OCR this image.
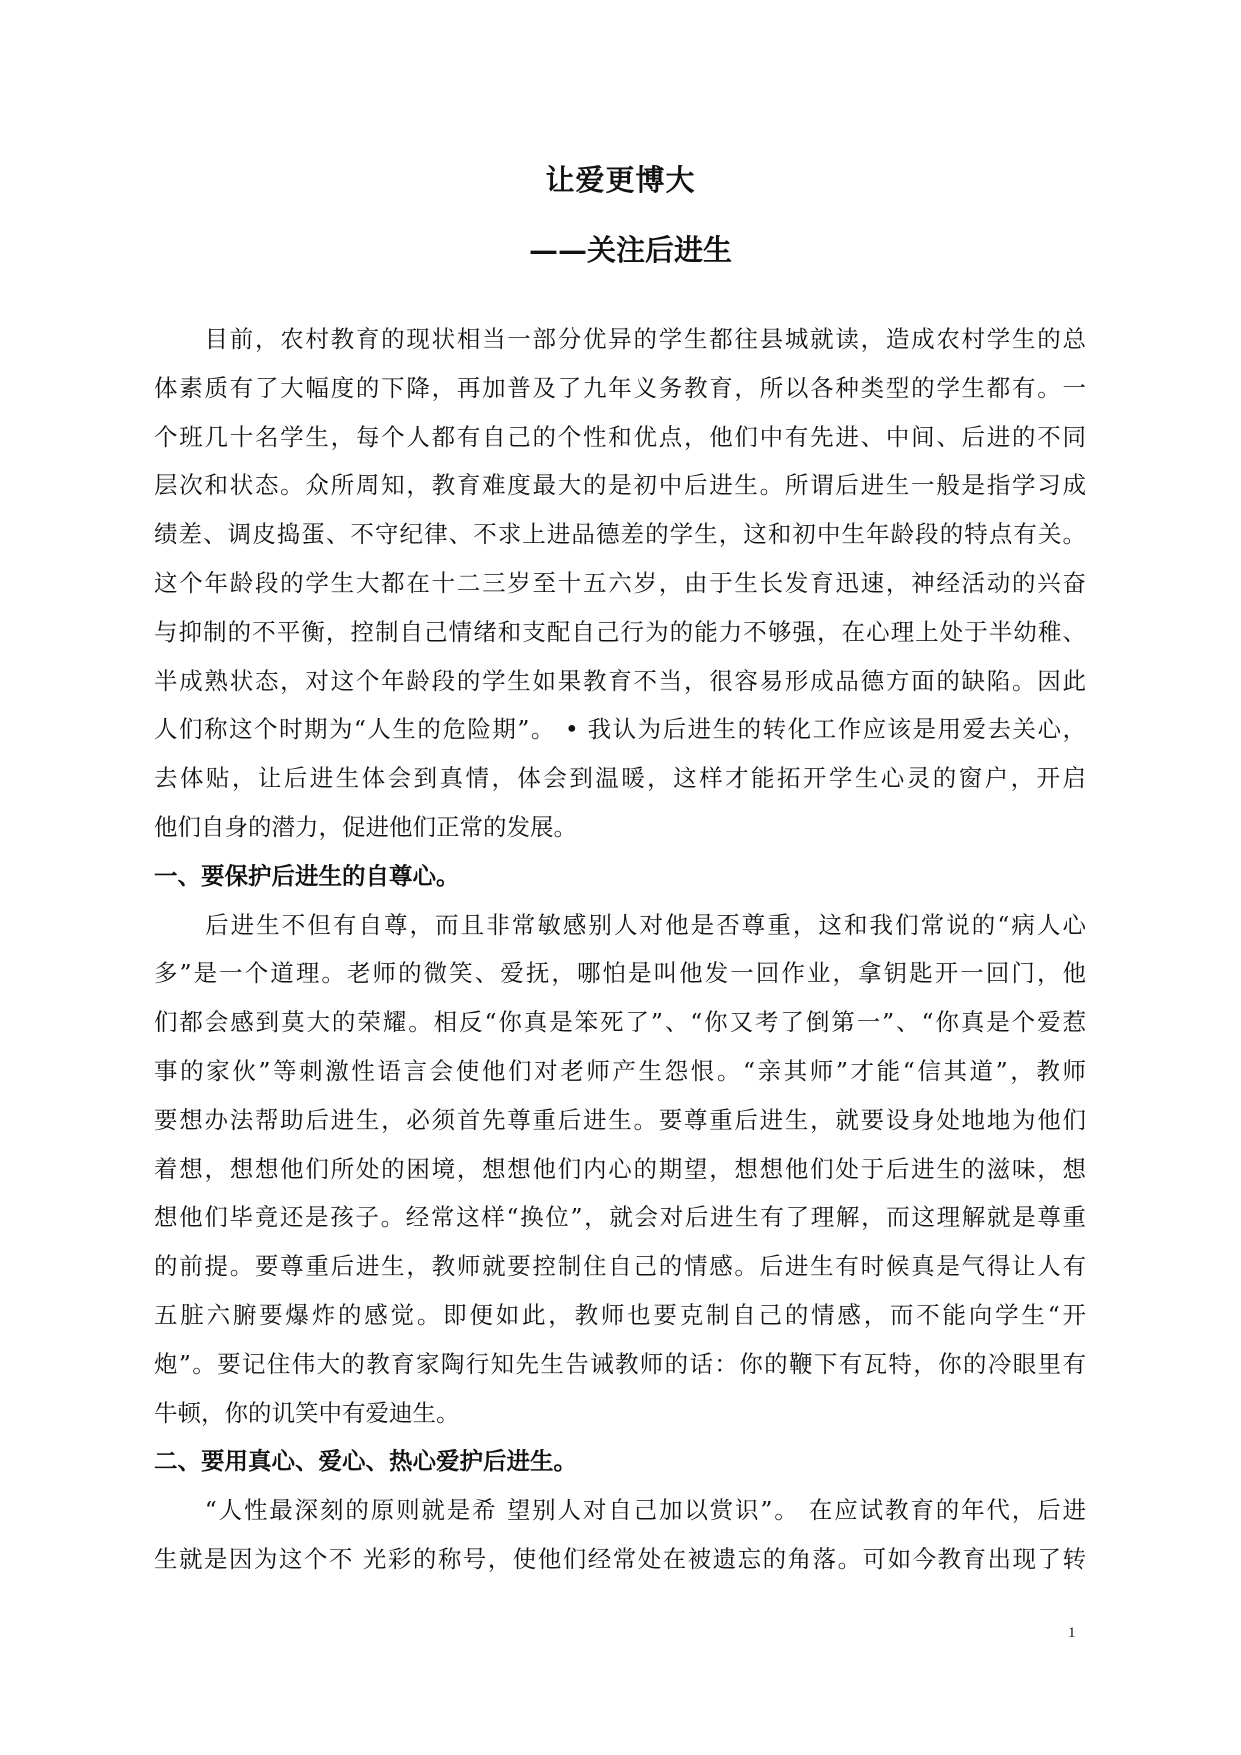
让爱更博大
——关注后进生
　　目前，农村教育的现状相当一部分优异的学生都往县城就读，造成农村学生的总
体素质有了大幅度的下降，再加普及了九年义务教育，所以各种类型的学生都有。一
个班几十名学生，每个人都有自己的个性和优点，他们中有先进、中间、后进的不同
层次和状态。众所周知，教育难度最大的是初中后进生。所谓后进生一般是指学习成
绩差、调皮捣蛋、不守纪律、不求上进品德差的学生，这和初中生年龄段的特点有关。
这个年龄段的学生大都在十二三岁至十五六岁，由于生长发育迅速，神经活动的兴奋
与抑制的不平衡，控制自己情绪和支配自己行为的能力不够强，在心理上处于半幼稚、
半成熟状态，对这个年龄段的学生如果教育不当，很容易形成品德方面的缺陷。因此
人们称这个时期为“人生的危险期”。 • 我认为后进生的转化工作应该是用爱去关心，
去体贴，让后进生体会到真情，体会到温暖，这样才能拓开学生心灵的窗户，开启
他们自身的潜力，促进他们正常的发展。
一、要保护后进生的自尊心。
　　后进生不但有自尊，而且非常敏感别人对他是否尊重，这和我们常说的“病人心
多”是一个道理。老师的微笑、爱抚，哪怕是叫他发一回作业，拿钥匙开一回门，他
们都会感到莫大的荣耀。相反“你真是笨死了”、“你又考了倒第一”、“你真是个爱惹
事的家伙”等刺激性语言会使他们对老师产生怨恨。“亲其师”才能“信其道”，教师
要想办法帮助后进生，必须首先尊重后进生。要尊重后进生，就要设身处地地为他们
着想，想想他们所处的困境，想想他们内心的期望，想想他们处于后进生的滋味，想
想他们毕竟还是孩子。经常这样“换位”，就会对后进生有了理解，而这理解就是尊重
的前提。要尊重后进生，教师就要控制住自己的情感。后进生有时候真是气得让人有
五脏六腑要爆炸的感觉。即便如此，教师也要克制自己的情感，而不能向学生“开
炮”。要记住伟大的教育家陶行知先生告诫教师的话：你的鞭下有瓦特，你的冷眼里有
牛顿，你的讥笑中有爱迪生。
二、要用真心、爱心、热心爱护后进生。
　　“人性最深刻的原则就是希 望别人对自己加以赏识”。 在应试教育的年代，后进
生就是因为这个不 光彩的称号，使他们经常处在被遗忘的角落。可如今教育出现了转
1
